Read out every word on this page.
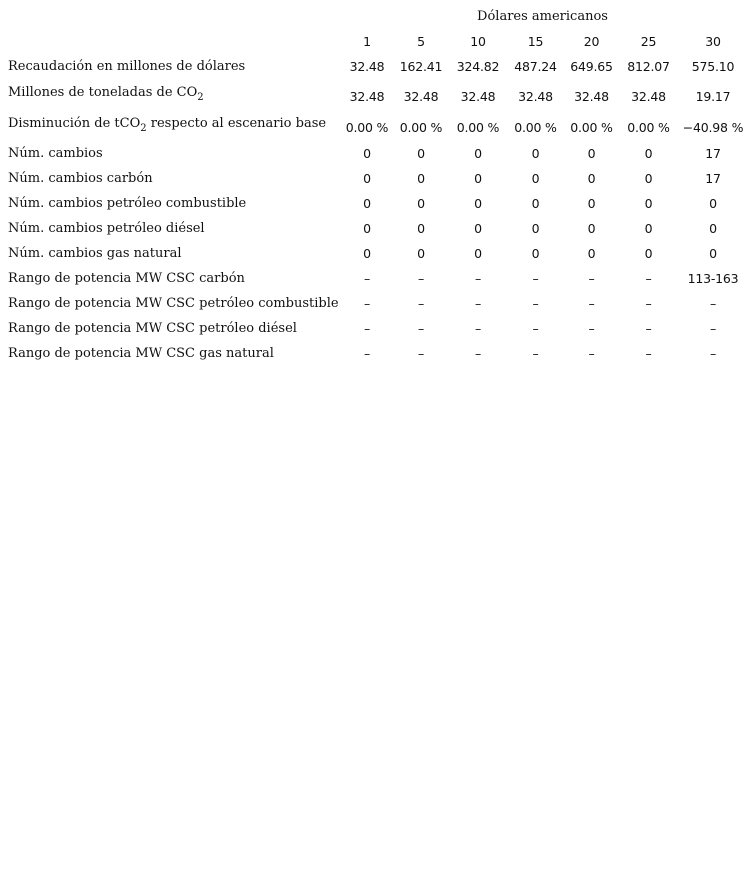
Dólares americanos
1	5	10	15	20	25	30
Recaudación en millones de dólares	32.48	162.41	324.82	487.24	649.65	812.07	575.10
Millones de toneladas de $CO_2$	32.48	32.48	32.48	32.48	32.48	32.48	19.17
Disminución de tCO$_2$ respecto al escenario base	0.00 % 0.00 %	0.00 %	0.00 %	0.00 %	0.00 %	−40.98 %
Núm. cambios	0	0	0	0	0	0	17
Núm. cambios carbón	0	0	0	0	0	0	17
Núm. cambios petróleo combustible	0	0	0	0	0	0	0
Núm. cambios petróleo diésel	0	0	0	0	0	0	0
Núm. cambios gas natural	0	0	0	0	0	0	0
Rango de potencia MW CSC carbón	–	–	–	–	–	–	113-163
Rango de potencia MW CSC petróleo combustible	–	–	–	–	–	–	–
Rango de potencia MW CSC petróleo diésel	–	–	–	–	–	–	–
Rango de potencia MW CSC gas natural	–	–	–	–	–	–	–
